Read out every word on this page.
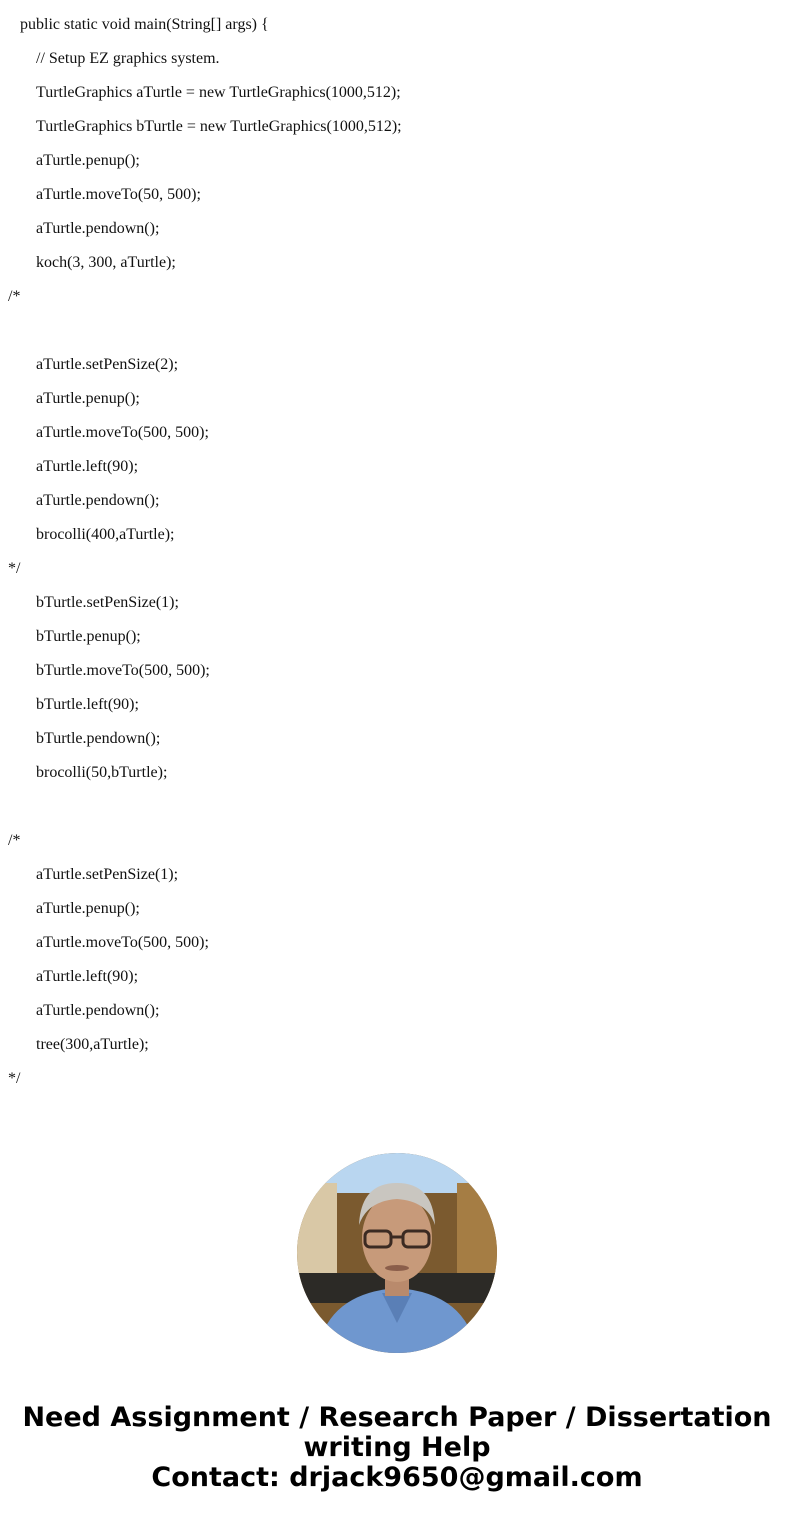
public static void main(String[] args) {
// Setup EZ graphics system.
TurtleGraphics aTurtle = new TurtleGraphics(1000,512);
TurtleGraphics bTurtle = new TurtleGraphics(1000,512);
aTurtle.penup();
aTurtle.moveTo(50, 500);
aTurtle.pendown();
koch(3, 300, aTurtle);
/*
aTurtle.setPenSize(2);
aTurtle.penup();
aTurtle.moveTo(500, 500);
aTurtle.left(90);
aTurtle.pendown();
brocolli(400,aTurtle);
*/
bTurtle.setPenSize(1);
bTurtle.penup();
bTurtle.moveTo(500, 500);
bTurtle.left(90);
bTurtle.pendown();
brocolli(50,bTurtle);
/*
aTurtle.setPenSize(1);
aTurtle.penup();
aTurtle.moveTo(500, 500);
aTurtle.left(90);
aTurtle.pendown();
tree(300,aTurtle);
*/
Need Assignment / Research Paper / Dissertation
writing Help
Contact: drjack9650@gmail.com
